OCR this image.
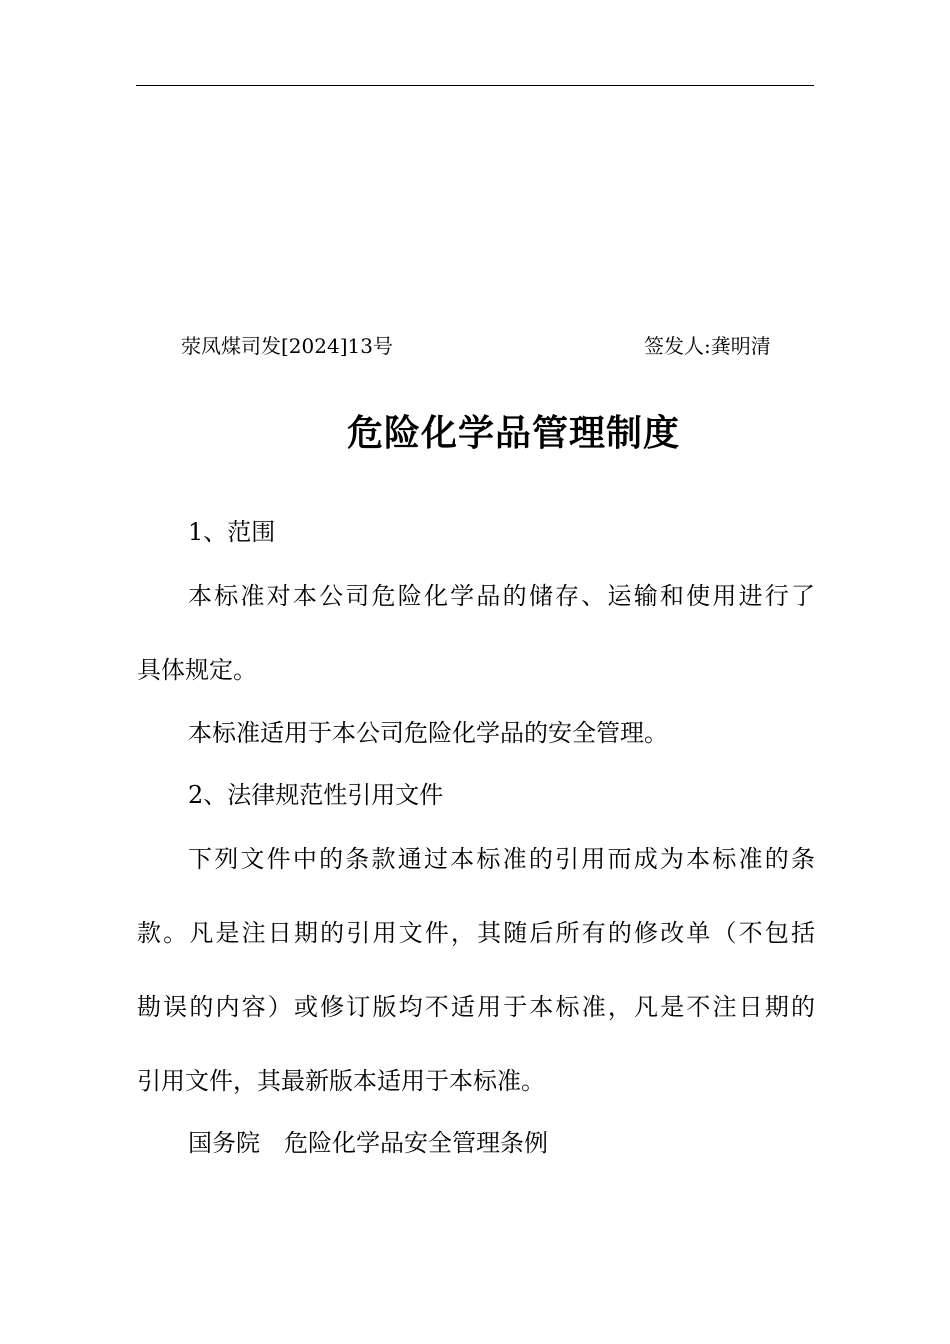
荥凤煤司发[2024]13号	签发人:龚明清
危险化学品管理制度
1、范围
本标准对本公司危险化学品的储存、运输和使用进行了
具体规定。
本标准适用于本公司危险化学品的安全管理。
2、法律规范性引用文件
下列文件中的条款通过本标准的引用而成为本标准的条
款。凡是注日期的引用文件，其随后所有的修改单（不包括
勘误的内容）或修订版均不适用于本标准，凡是不注日期的
引用文件，其最新版本适用于本标准。
国务院　危险化学品安全管理条例
